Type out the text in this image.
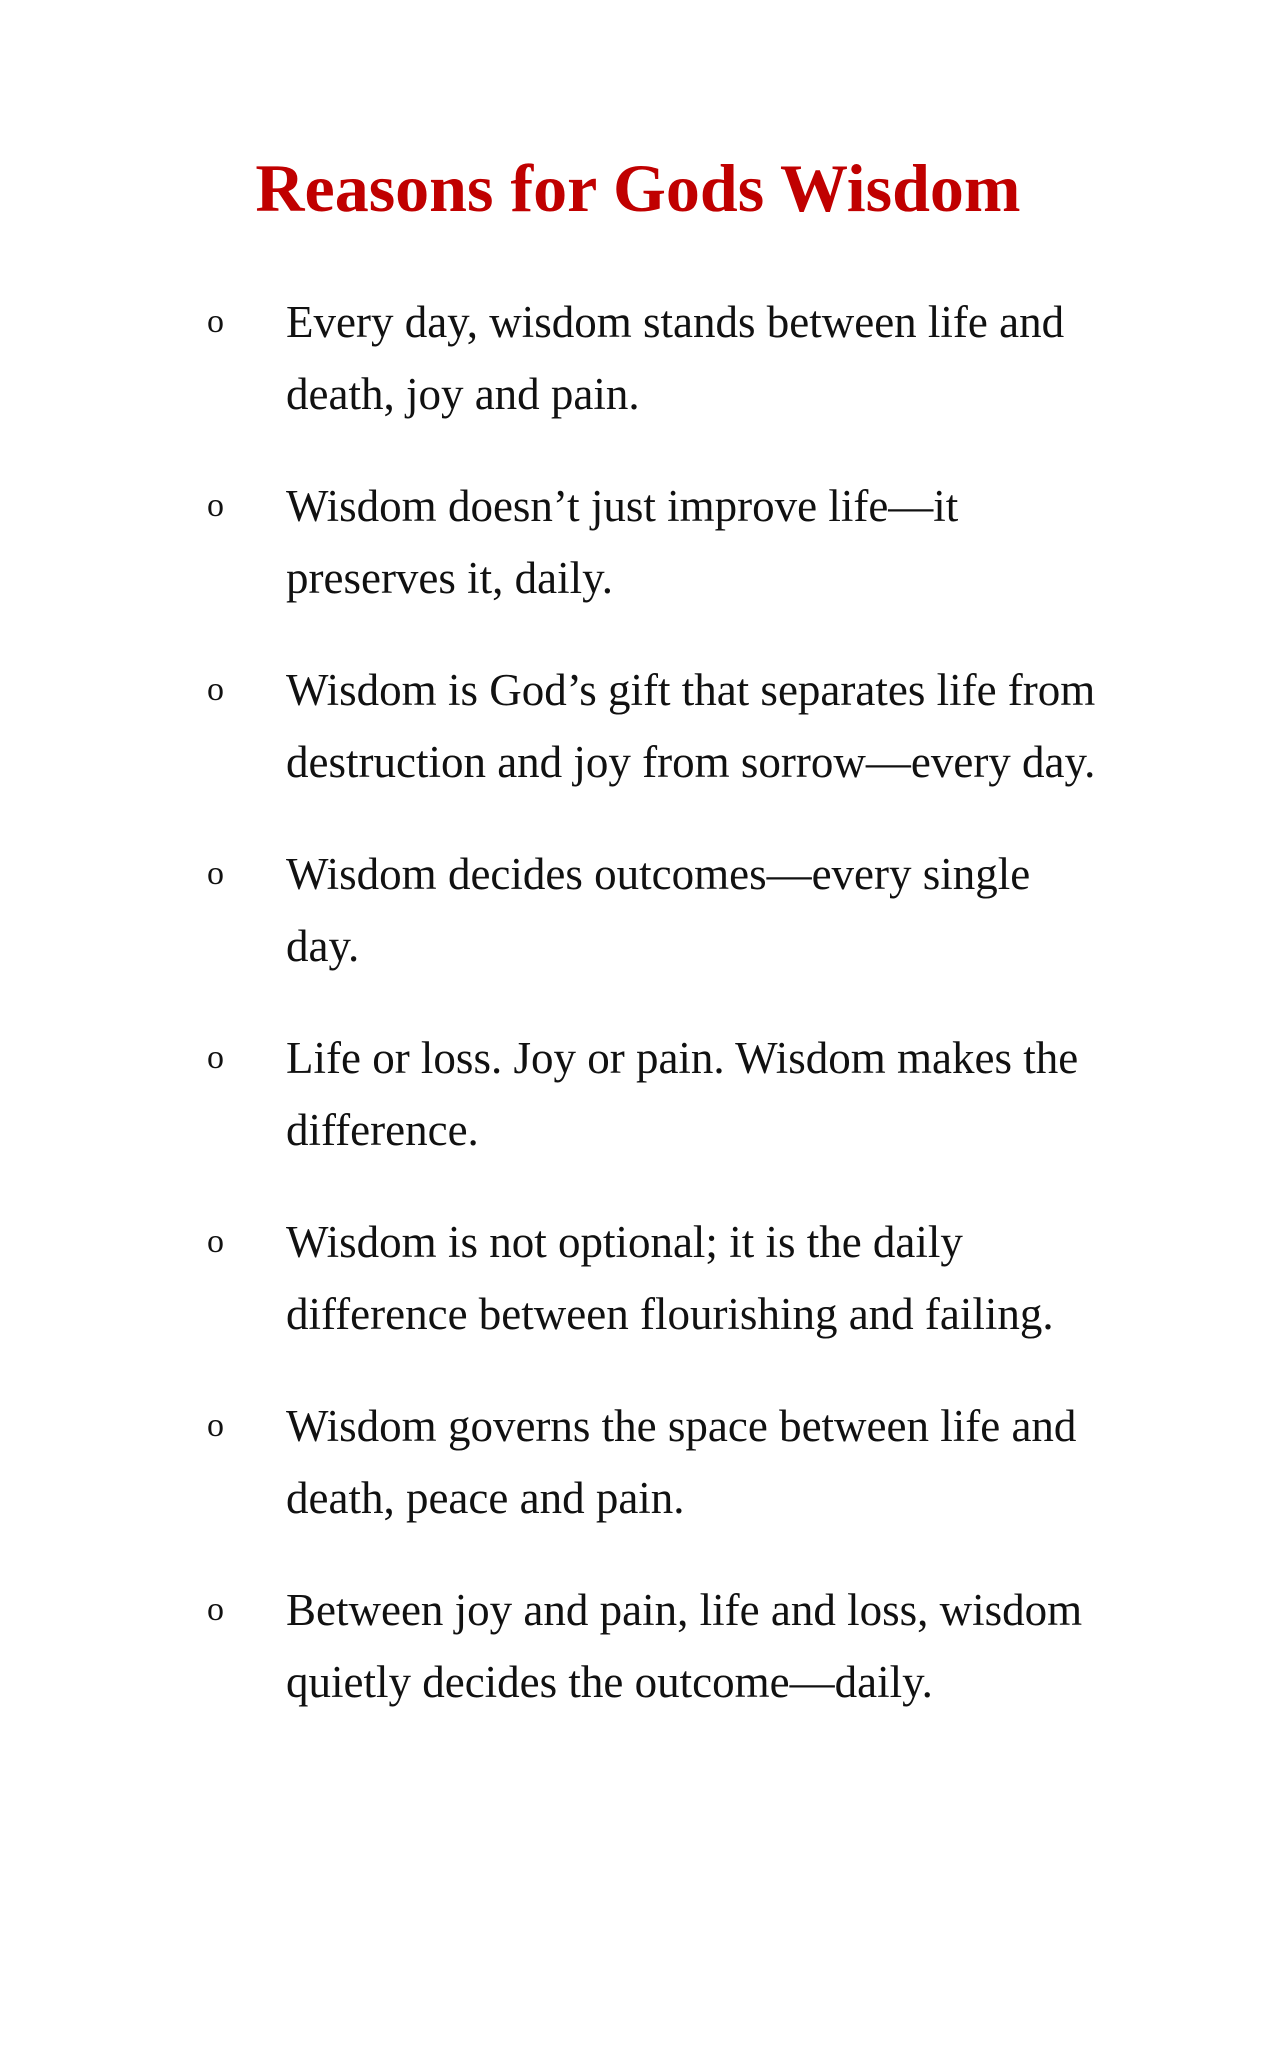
Reasons for Gods Wisdom
o	Every day, wisdom stands between life and death, joy and pain.
o	Wisdom doesn’t just improve life—it preserves it, daily.
o	Wisdom is God’s gift that separates life from destruction and joy from sorrow—every day.
o	Wisdom decides outcomes—every single day.
o	Life or loss. Joy or pain. Wisdom makes the difference.
o	Wisdom is not optional; it is the daily difference between flourishing and failing.
o	Wisdom governs the space between life and death, peace and pain.
o	Between joy and pain, life and loss, wisdom quietly decides the outcome—daily.
